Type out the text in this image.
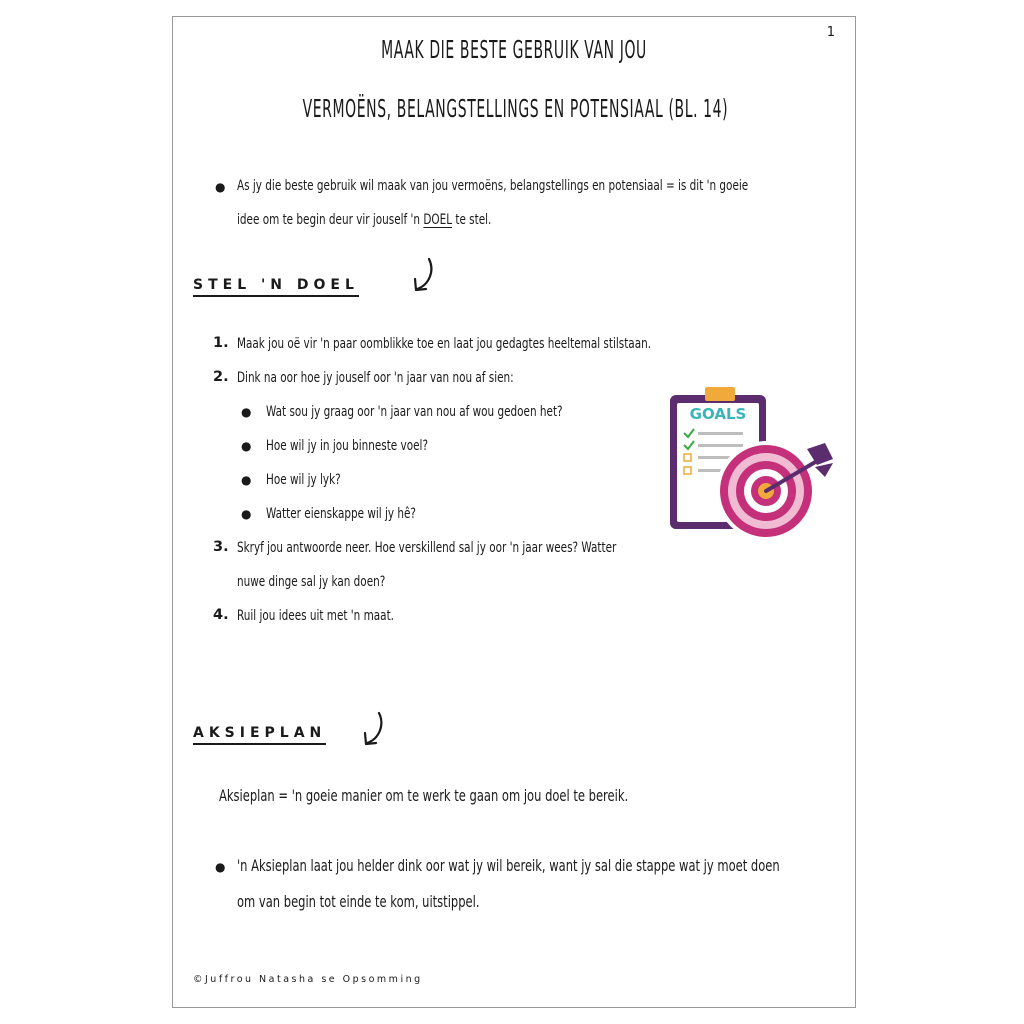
1
MAAK DIE BESTE GEBRUIK VAN JOU
VERMOËNS, BELANGSTELLINGS EN POTENSIAAL (BL. 14)
● As jy die beste gebruik wil maak van jou vermoëns, belangstellings en potensiaal = is dit 'n goeie
idee om te begin deur vir jouself 'n DOEL te stel.
STEL 'N DOEL
1. Maak jou oë vir 'n paar oomblikke toe en laat jou gedagtes heeltemal stilstaan.
2. Dink na oor hoe jy jouself oor 'n jaar van nou af sien:
● Wat sou jy graag oor 'n jaar van nou af wou gedoen het?
● Hoe wil jy in jou binneste voel?
● Hoe wil jy lyk?
● Watter eienskappe wil jy hê?
3. Skryf jou antwoorde neer. Hoe verskillend sal jy oor 'n jaar wees? Watter
nuwe dinge sal jy kan doen?
4. Ruil jou idees uit met 'n maat.
GOALS
AKSIEPLAN
Aksieplan = 'n goeie manier om te werk te gaan om jou doel te bereik.
● 'n Aksieplan laat jou helder dink oor wat jy wil bereik, want jy sal die stappe wat jy moet doen
om van begin tot einde te kom, uitstippel.
©Juffrou Natasha se Opsomming
